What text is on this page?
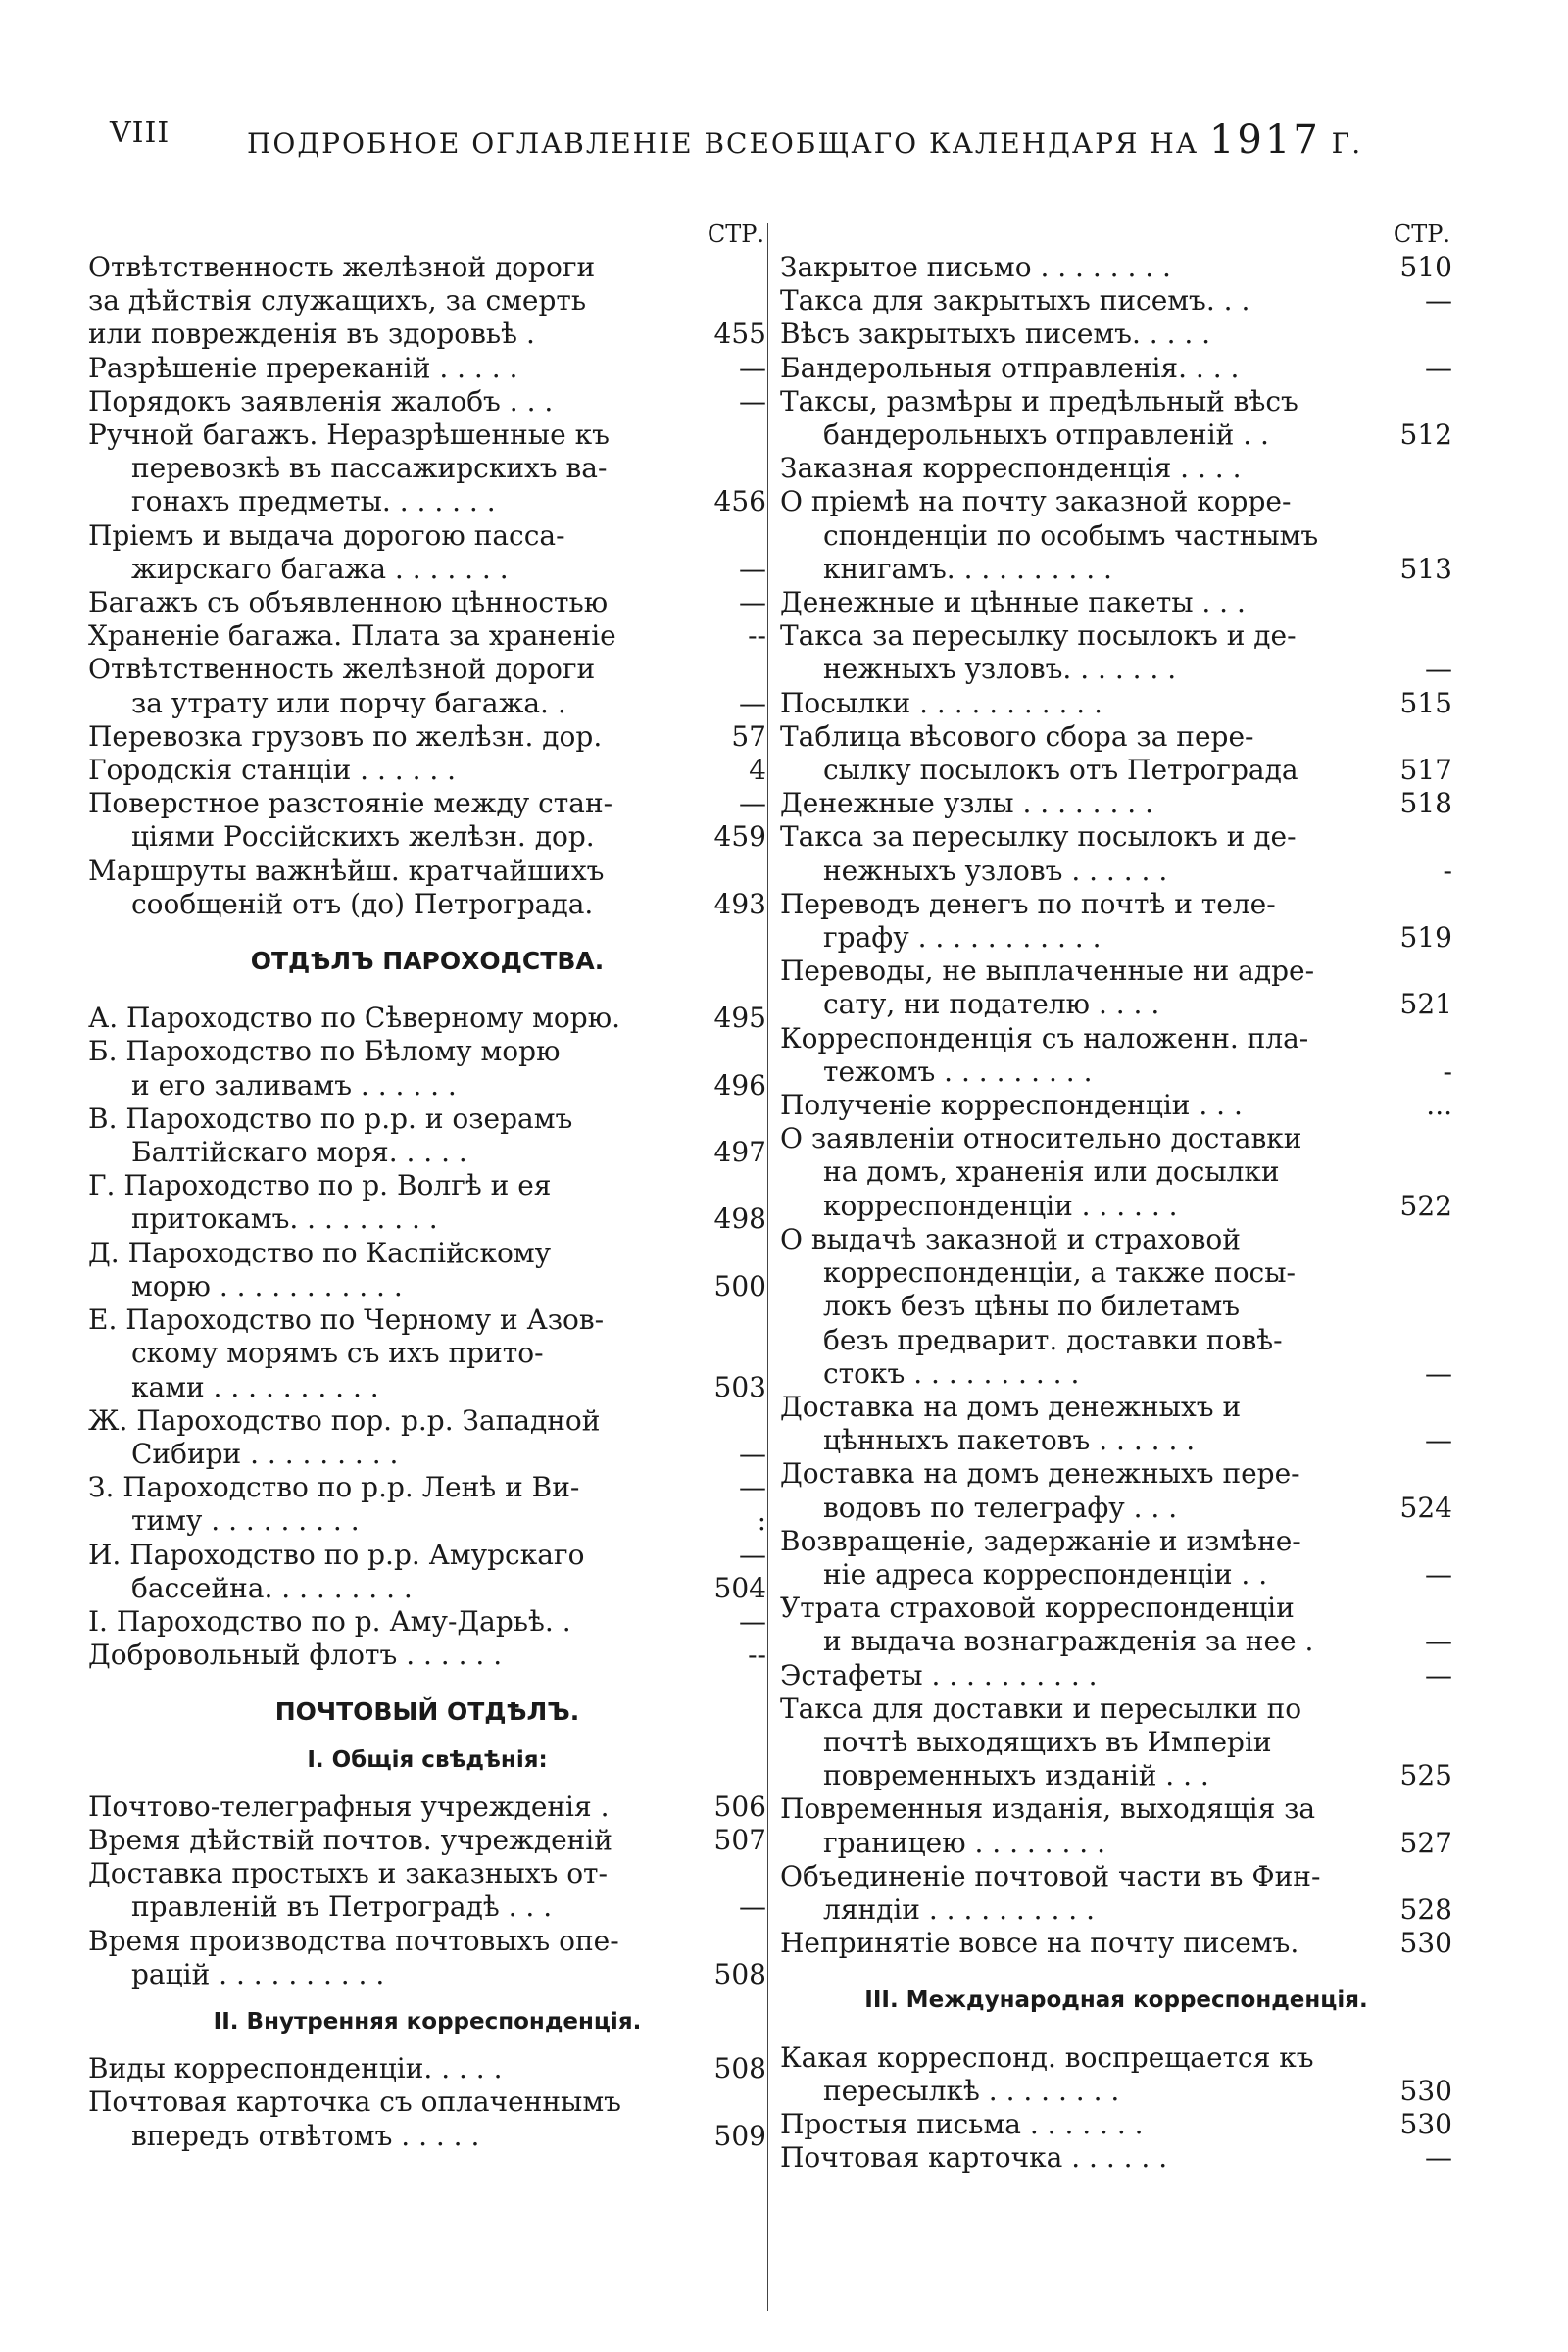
VIII	ПОДРОБНОЕ ОГЛАВЛЕНІЕ ВСЕОБЩАГО КАЛЕНДАРЯ НА 1917 Г.
СТР.
Отвѣтственность желѣзной дороги
за дѣйствія служащихъ, за смерть
или поврежденія въ здоровьѣ .	455
Разрѣшеніе пререканій . . . . .	—
Порядокъ заявленія жалобъ . . .	—
Ручной багажъ. Неразрѣшенные къ
перевозкѣ въ пассажирскихъ ва-
гонахъ предметы. . . . . . .	456
Пріемъ и выдача дорогою пасса-
жирскаго багажа . . . . . . .	—
Багажъ съ объявленною цѣнностью	—
Храненіе багажа. Плата за храненіе	--
Отвѣтственность желѣзной дороги
за утрату или порчу багажа. .	—
Перевозка грузовъ по желѣзн. дор.	57
Городскія станціи . . . . . .	4
Поверстное разстояніе между стан-	—
ціями Россійскихъ желѣзн. дор.	459
Маршруты важнѣйш. кратчайшихъ
сообщеній отъ (до) Петрограда.	493
ОТДѢЛЪ ПАРОХОДСТВА.
А. Пароходство по Сѣверному морю.	495
Б. Пароходство по Бѣлому морю
и его заливамъ . . . . . .	496
В. Пароходство по р.р. и озерамъ
Балтійскаго моря. . . . .	497
Г. Пароходство по р. Волгѣ и ея
притокамъ. . . . . . . . .	498
Д. Пароходство по Каспійскому
морю . . . . . . . . . . .	500
Е. Пароходство по Черному и Азов-
скому морямъ съ ихъ прито-
ками . . . . . . . . . .	503
Ж. Пароходство пор. р.р. Западной
Сибири . . . . . . . . .	—
З. Пароходство по р.р. Ленѣ и Ви-	—
тиму . . . . . . . . .	:
И. Пароходство по р.р. Амурскаго	—
бассейна. . . . . . . . .	504
І. Пароходство по р. Аму-Дарьѣ. .	—
Добровольный флотъ . . . . . .	--
ПОЧТОВЫЙ ОТДѢЛЪ.
I. Общія свѣдѣнія:
Почтово-телеграфныя учрежденія .	506
Время дѣйствій почтов. учрежденій	507
Доставка простыхъ и заказныхъ от-
правленій въ Петроградѣ . . .	—
Время производства почтовыхъ опе-
рацій . . . . . . . . . .	508
II. Внутренняя корреспонденція.
Виды корреспонденціи. . . . .	508
Почтовая карточка съ оплаченнымъ
впередъ отвѣтомъ . . . . .	509
СТР.
Закрытое письмо . . . . . . . .	510
Такса для закрытыхъ писемъ. . .	—
Вѣсъ закрытыхъ писемъ. . . . .
Бандерольныя отправленія. . . .	—
Таксы, размѣры и предѣльный вѣсъ
бандерольныхъ отправленій . .	512
Заказная корреспонденція . . . .
О пріемѣ на почту заказной корре-
спонденціи по особымъ частнымъ
книгамъ. . . . . . . . . .	513
Денежные и цѣнные пакеты . . .
Такса за пересылку посылокъ и де-
нежныхъ узловъ. . . . . . .	—
Посылки . . . . . . . . . . .	515
Таблица вѣсового сбора за пере-
сылку посылокъ отъ Петрограда	517
Денежные узлы . . . . . . . .	518
Такса за пересылку посылокъ и де-
нежныхъ узловъ . . . . . .	-
Переводъ денегъ по почтѣ и теле-
графу . . . . . . . . . . .	519
Переводы, не выплаченные ни адре-
сату, ни подателю . . . .	521
Корреспонденція съ наложенн. пла-
тежомъ . . . . . . . . .	-
Полученіе корреспонденціи . . .	...
О заявленіи относительно доставки
на домъ, храненія или досылки
корреспонденціи . . . . . .	522
О выдачѣ заказной и страховой
корреспонденціи, а также посы-
локъ безъ цѣны по билетамъ
безъ предварит. доставки повѣ-
стокъ . . . . . . . . . .	—
Доставка на домъ денежныхъ и
цѣнныхъ пакетовъ . . . . . .	—
Доставка на домъ денежныхъ пере-
водовъ по телеграфу . . .	524
Возвращеніе, задержаніе и измѣне-
ніе адреса корреспонденціи . .	—
Утрата страховой корреспонденціи
и выдача вознагражденія за нее .	—
Эстафеты . . . . . . . . . .	—
Такса для доставки и пересылки по
почтѣ выходящихъ въ Имперіи
повременныхъ изданій . . .	525
Повременныя изданія, выходящія за
границею . . . . . . . .	527
Объединеніе почтовой части въ Фин-
ляндіи . . . . . . . . . .	528
Непринятіе вовсе на почту писемъ.	530
III. Международная корреспонденція.
Какая корреспонд. воспрещается къ
пересылкѣ . . . . . . . .	530
Простыя письма . . . . . . .	530
Почтовая карточка . . . . . .	—
